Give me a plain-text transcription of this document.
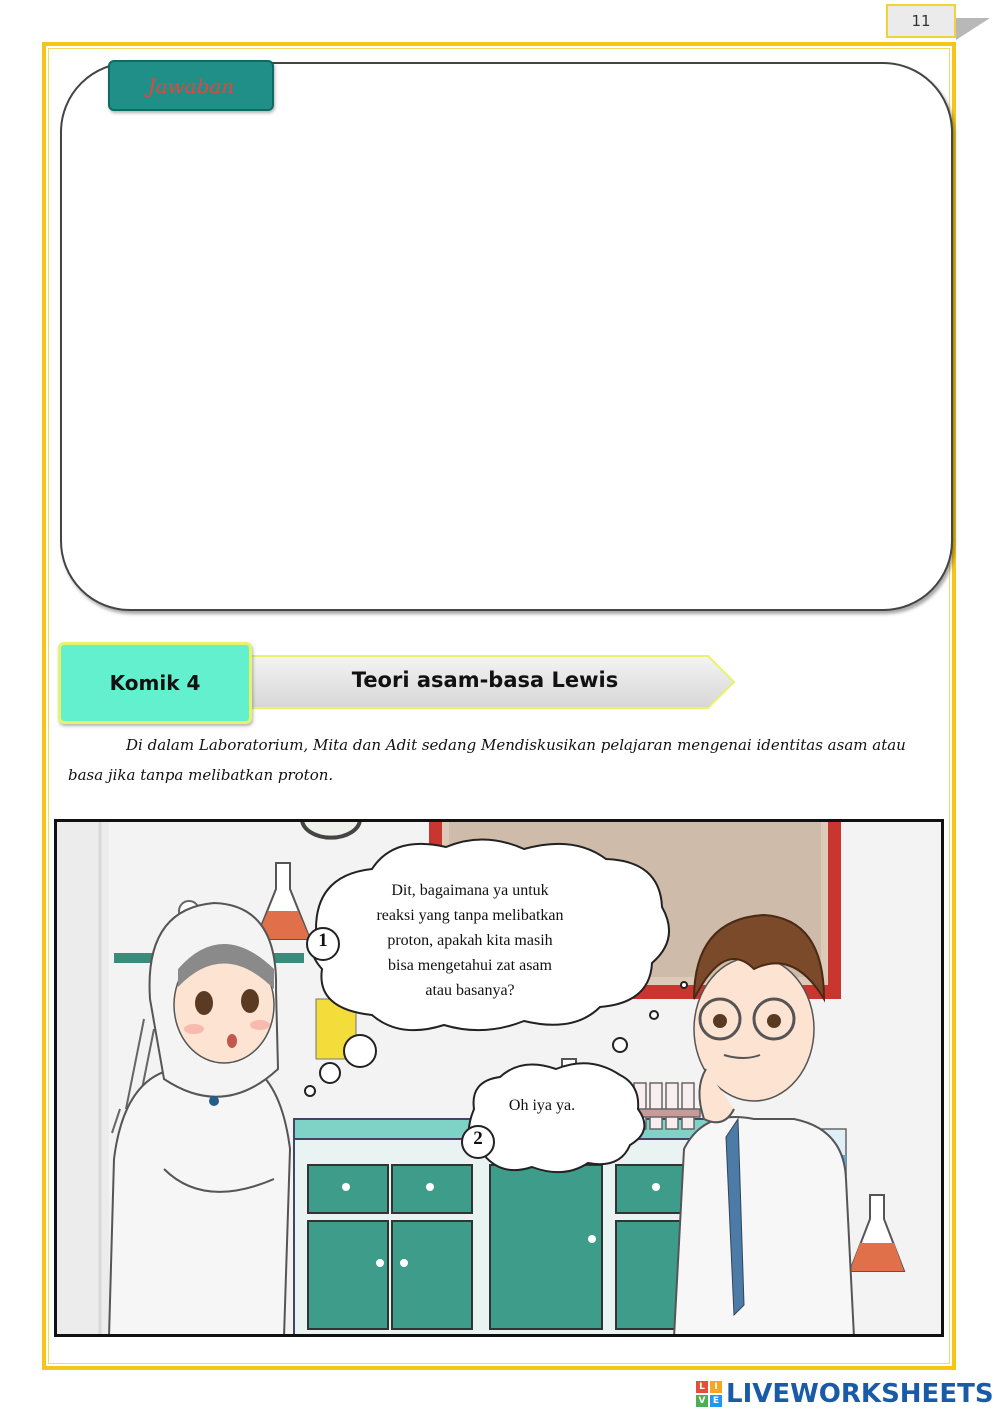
11
Jawaban
Komik 4	Teori asam-basa Lewis
Di dalam Laboratorium, Mita dan Adit sedang Mendiskusikan pelajaran mengenai identitas asam atau basa jika tanpa melibatkan proton.
Dit, bagaimana ya untuk
reaksi yang tanpa melibatkan
proton, apakah kita masih
bisa mengetahui zat asam
atau basanya?
Oh iya ya.
1
2
L	I
V E LIVEWORKSHEETS
